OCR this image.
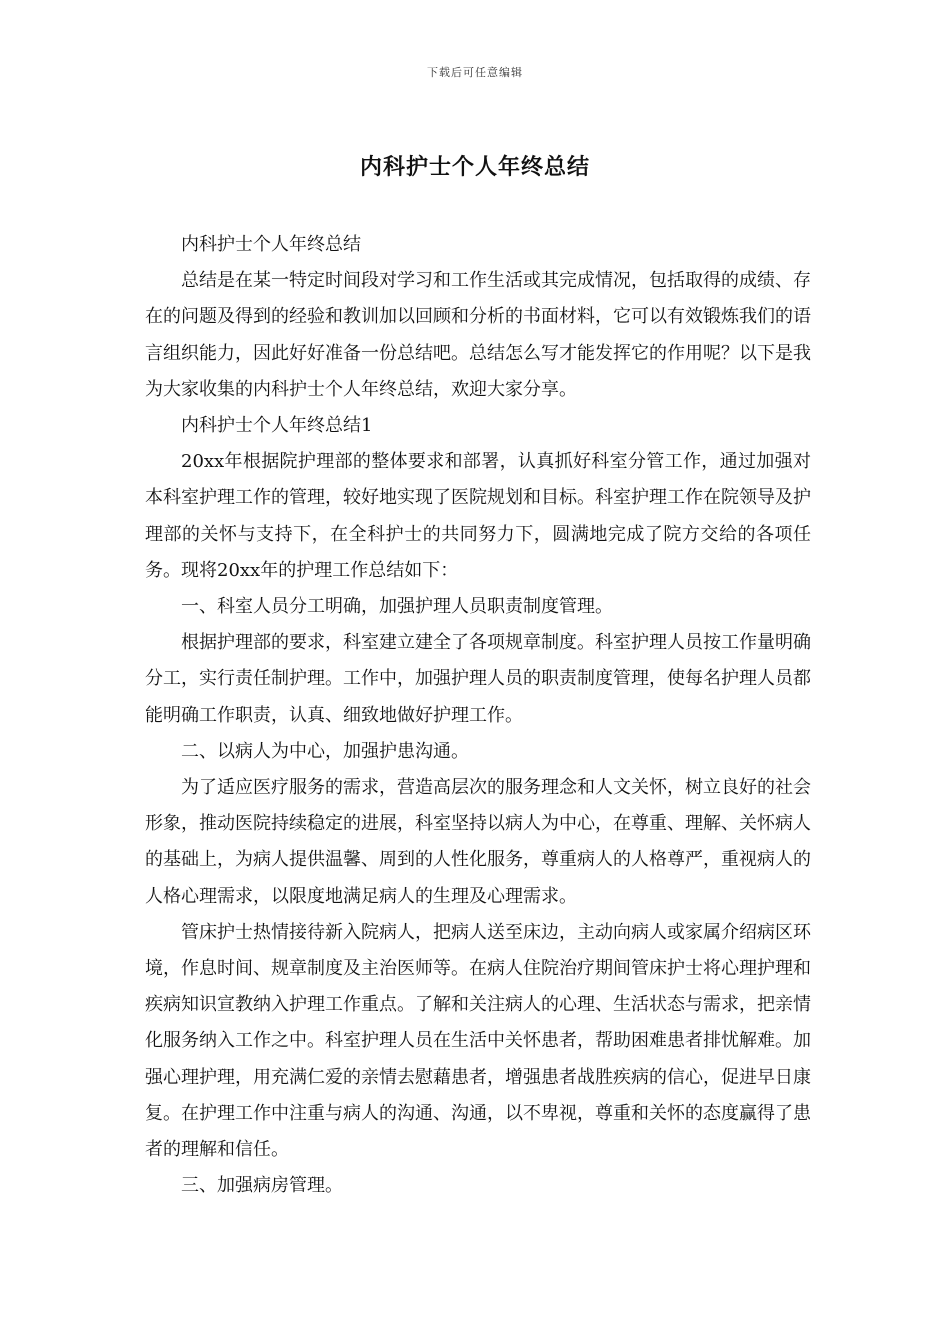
下载后可任意编辑
内科护士个人年终总结

内科护士个人年终总结

总结是在某一特定时间段对学习和工作生活或其完成情况，包括取得的成绩、存在的问题及得到的经验和教训加以回顾和分析的书面材料，它可以有效锻炼我们的语言组织能力，因此好好准备一份总结吧。总结怎么写才能发挥它的作用呢？以下是我为大家收集的内科护士个人年终总结，欢迎大家分享。

内科护士个人年终总结1

20xx年根据院护理部的整体要求和部署，认真抓好科室分管工作，通过加强对本科室护理工作的管理，较好地实现了医院规划和目标。科室护理工作在院领导及护理部的关怀与支持下，在全科护士的共同努力下，圆满地完成了院方交给的各项任务。现将20xx年的护理工作总结如下：

一、科室人员分工明确，加强护理人员职责制度管理。

根据护理部的要求，科室建立建全了各项规章制度。科室护理人员按工作量明确分工，实行责任制护理。工作中，加强护理人员的职责制度管理，使每名护理人员都能明确工作职责，认真、细致地做好护理工作。

二、以病人为中心，加强护患沟通。

为了适应医疗服务的需求，营造高层次的服务理念和人文关怀，树立良好的社会形象，推动医院持续稳定的进展，科室坚持以病人为中心，在尊重、理解、关怀病人的基础上，为病人提供温馨、周到的人性化服务，尊重病人的人格尊严，重视病人的人格心理需求，以限度地满足病人的生理及心理需求。

管床护士热情接待新入院病人，把病人送至床边，主动向病人或家属介绍病区环境，作息时间、规章制度及主治医师等。在病人住院治疗期间管床护士将心理护理和疾病知识宣教纳入护理工作重点。了解和关注病人的心理、生活状态与需求，把亲情化服务纳入工作之中。科室护理人员在生活中关怀患者，帮助困难患者排忧解难。加强心理护理，用充满仁爱的亲情去慰藉患者，增强患者战胜疾病的信心，促进早日康复。在护理工作中注重与病人的沟通、沟通，以不卑视，尊重和关怀的态度赢得了患者的理解和信任。

三、加强病房管理。
